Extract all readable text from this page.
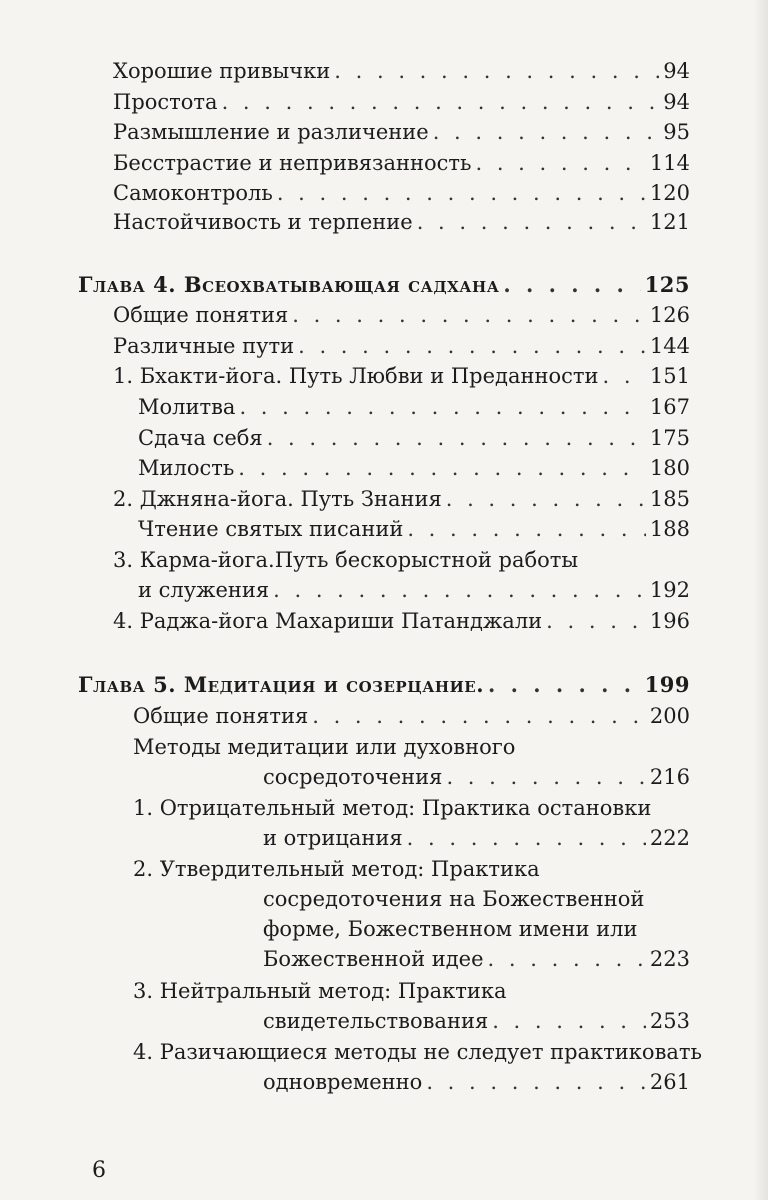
Хорошие привычки . . .	94
Простота . . .	94
Размышление и различение . . .	95
Бесстрастие и непривязанность . . .	114
Самоконтроль . . .	120
Настойчивость и терпение . . .	121
Глава 4. Всеохватывающая садхана . . .	125
Общие понятия . . .	126
Различные пути . . .	144
1. Бхакти-йога. Путь Любви и Преданности . . . 151
Молитва . . .	167
Сдача себя . . .	175
Милость . . .	180
2. Джняна-йога. Путь Знания . . .	185
Чтение святых писаний . . .	188
3. Карма-йога.Путь бескорыстной работы
и служения . . .	192
4. Раджа-йога Махариши Патанджали . . .	196
Глава 5. Медитация и созерцание. . . .	199
Общие понятия . . .	200
Методы медитации или духовного
сосредоточения . . .	216
1. Отрицательный метод: Практика остановки
и отрицания . . .	222
2. Утвердительный метод: Практика
сосредоточения на Божественной
форме, Божественном имени или
Божественной идее . . .	223
3. Нейтральный метод: Практика
свидетельствования . . .	253
4. Разичающиеся методы не следует практиковать
одновременно . . .	261
6
